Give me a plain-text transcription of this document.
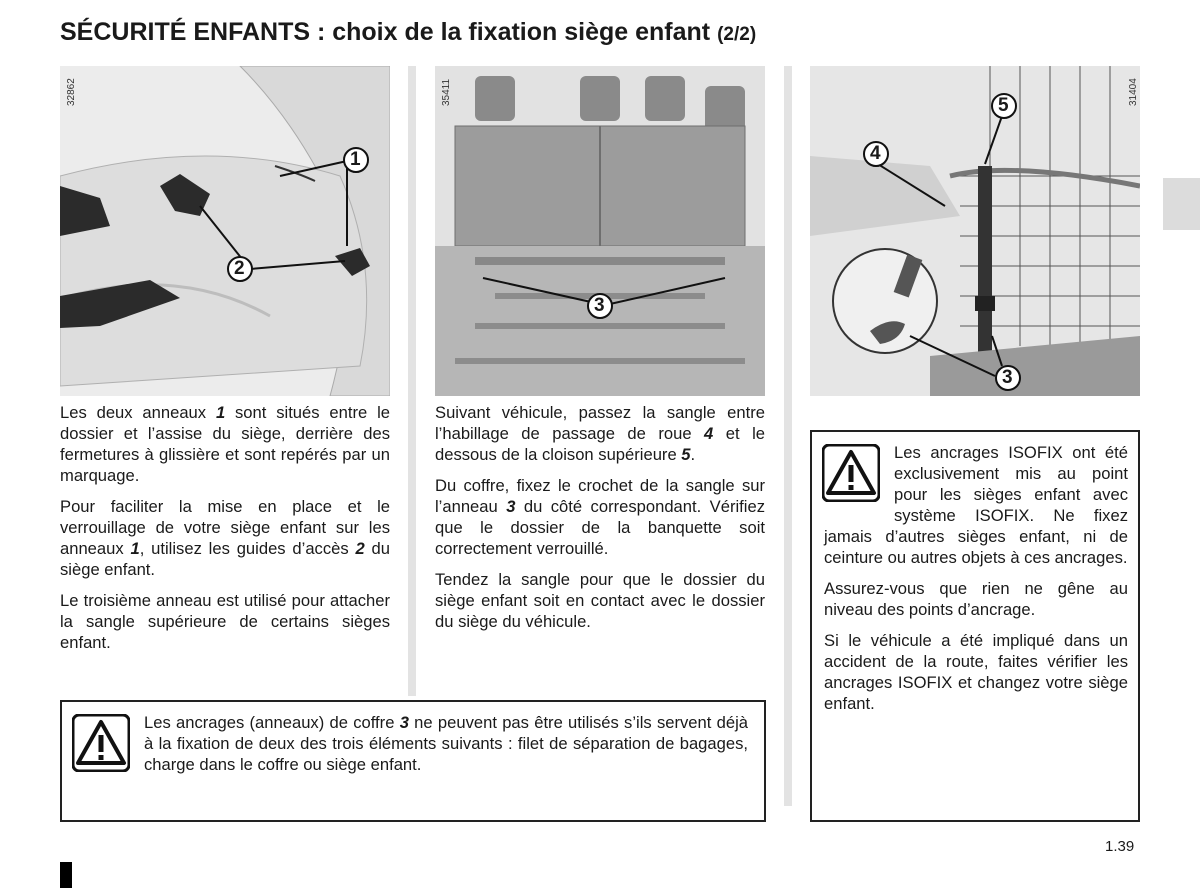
SÉCURITÉ ENFANTS : choix de la fixation siège enfant (2/2)
1
2
32862
3
35411
4
5
3
31404

Les deux anneaux 1 sont situés entre le dossier et l’assise du siège, derrière des fermetures à glissière et sont repérés par un marquage.

Pour faciliter la mise en place et le verrouillage de votre siège enfant sur les anneaux 1, utilisez les guides d’accès 2 du siège enfant.

Le troisième anneau est utilisé pour attacher la sangle supérieure de certains sièges enfant.

Suivant véhicule, passez la sangle entre l’habillage de passage de roue 4 et le dessous de la cloison supérieure 5.

Du coffre, fixez le crochet de la sangle sur l’anneau 3 du côté correspondant. Vérifiez que le dossier de la banquette soit correctement verrouillé.

Tendez la sangle pour que le dossier du siège enfant soit en contact avec le dossier du siège du véhicule.

Les ancrages (anneaux) de coffre 3 ne peuvent pas être utilisés s’ils servent déjà à la fixation de deux des trois éléments suivants : filet de séparation de bagages, charge dans le coffre ou siège enfant.

Les ancrages ISOFIX ont été exclusivement mis au point pour les sièges enfant avec système ISOFIX. Ne fixez jamais d’autres sièges enfant, ni de ceinture ou autres objets à ces ancrages.

Assurez-vous que rien ne gêne au niveau des points d’ancrage.

Si le véhicule a été impliqué dans un accident de la route, faites vérifier les ancrages ISOFIX et changez votre siège enfant.

1.39
